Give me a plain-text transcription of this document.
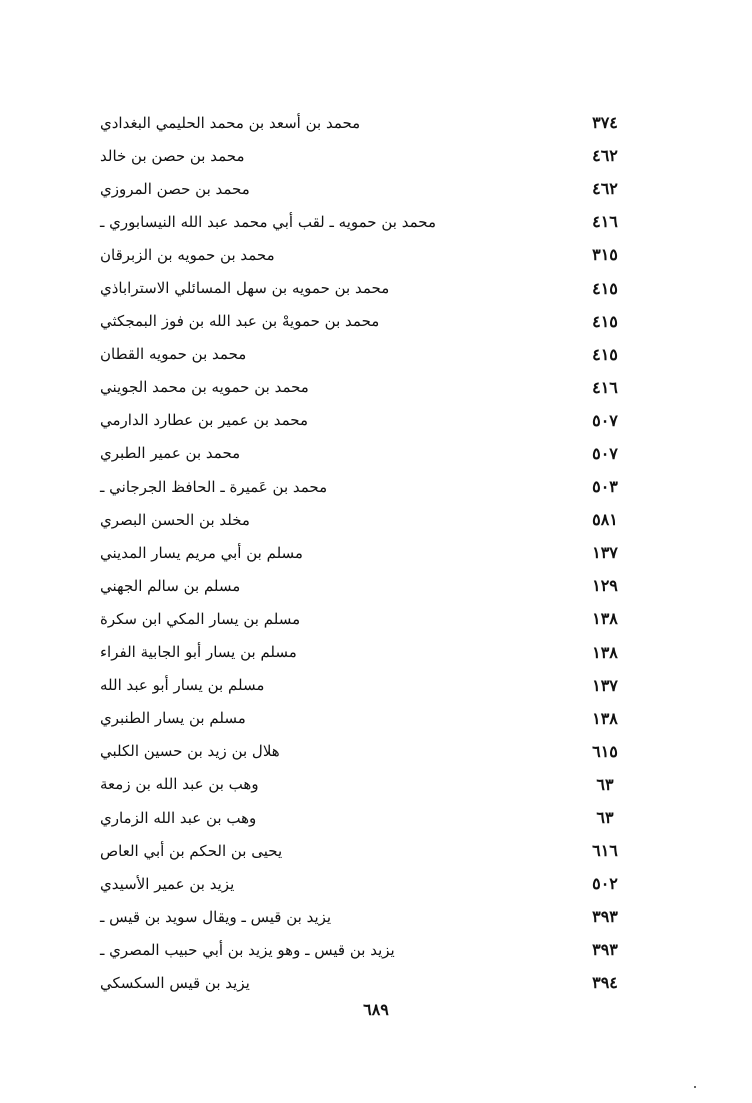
محمد بن أسعد بن محمد الحليمي البغدادي	٣٧٤
محمد بن حصن بن خالد	٤٦٢
محمد بن حصن المروزي	٤٦٢
محمد بن حمويه ـ لقب أبي محمد عبد الله النيسابوري ـ	٤١٦
محمد بن حمويه بن الزبرقان	٣١٥
محمد بن حمويه بن سهل المسائلي الاستراباذي	٤١٥
محمد بن حمويهْ بن عبد الله بن فوز البمجكثي	٤١٥
محمد بن حمويه القطان	٤١٥
محمد بن حمويه بن محمد الجويني	٤١٦
محمد بن عمير بن عطارد الدارمي	٥٠٧
محمد بن عمير الطبري	٥٠٧
محمد بن عَميرة ـ الحافظ الجرجاني ـ	٥٠٣
مخلد بن الحسن البصري	٥٨١
مسلم بن أبي مريم يسار المديني	١٣٧
مسلم بن سالم الجهني	١٢٩
مسلم بن يسار المكي ابن سكرة	١٣٨
مسلم بن يسار أبو الجابية الفراء	١٣٨
مسلم بن يسار أبو عبد الله	١٣٧
مسلم بن يسار الطنبري	١٣٨
هلال بن زيد بن حسين الكلبي	٦١٥
وهب بن عبد الله بن زمعة	٦٣
وهب بن عبد الله الزماري	٦٣
يحيى بن الحكم بن أبي العاص	٦١٦
يزيد بن عمير الأسيدي	٥٠٢
يزيد بن قيس ـ ويقال سويد بن قيس ـ	٣٩٣
يزيد بن قيس ـ وهو يزيد بن أبي حبيب المصري ـ	٣٩٣
يزيد بن قيس السكسكي	٣٩٤
٦٨٩
